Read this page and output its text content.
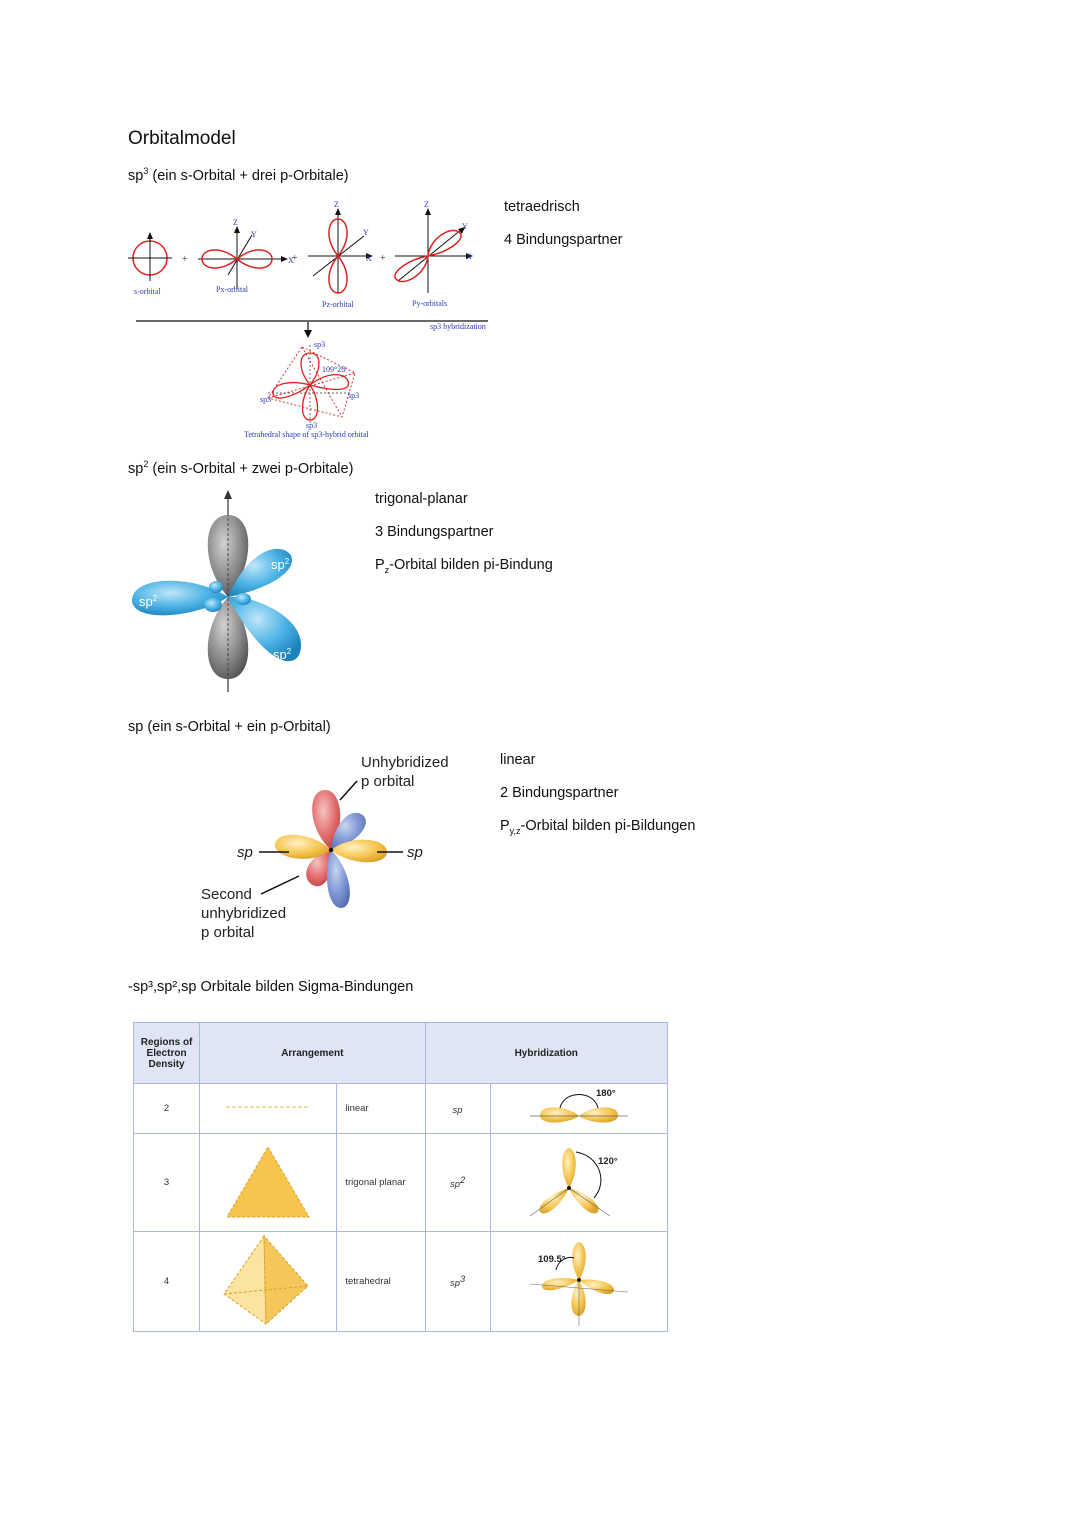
Orbitalmodel
$sp^3$ (ein s-Orbital + drei p-Orbitale)
tetraedrisch
4 Bindungspartner
+
s-orbital
X
Z
Y
+
Px-orbital
Z
Y
X +
Pz-orbital
Z
Y
X
Py-orbitals
sp3 hybridization
sp3
sp3	sp3
sp3
109°28'
Tetrahedral shape of sp3-hybrid orbital
$sp^2$ (ein s-Orbital + zwei p-Orbitale)
trigonal-planar
3 Bindungspartner
$P_z$-Orbital bilden pi-Bindung
$sp^2$
$sp^2$
$sp^2$
sp (ein s-Orbital + ein p-Orbital)
linear
2 Bindungspartner
$P_{y,z}$-Orbital bilden pi-Bildungen
Unhybridized
p orbital
sp	sp
Second
unhybridized
p orbital
-sp³,sp²,sp Orbitale bilden Sigma-Bindungen
Regions of Electron Density	Arrangement		Hybridization	
2		linear	sp	180°

3		trigonal planar	$sp^2$	120°

4		tetrahedral	$sp^3$	109.5°
